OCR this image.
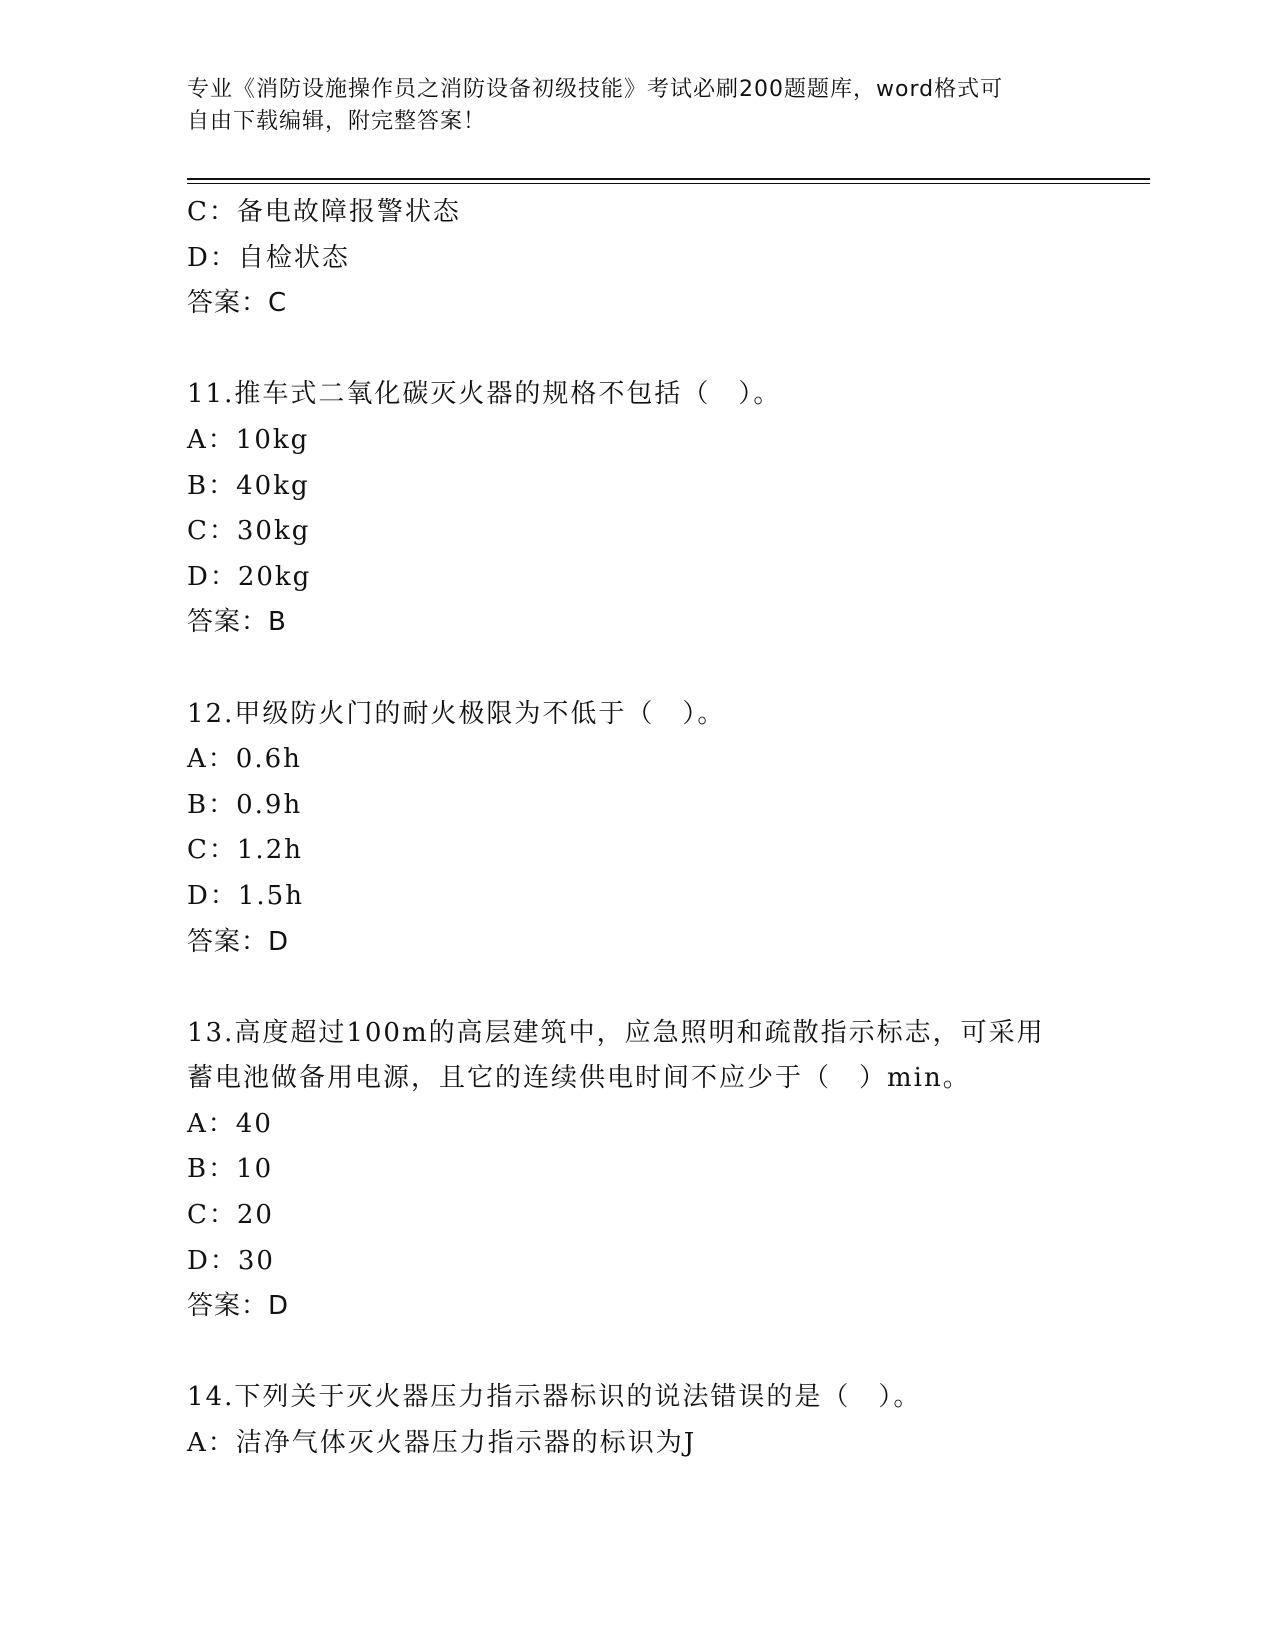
专业《消防设施操作员之消防设备初级技能》考试必刷200题题库，word格式可
自由下载编辑，附完整答案！
C：备电故障报警状态
D：自检状态
答案：C
11.推车式二氧化碳灭火器的规格不包括（　）。
A：10kg
B：40kg
C：30kg
D：20kg
答案：B
12.甲级防火门的耐火极限为不低于（　）。
A：0.6h
B：0.9h
C：1.2h
D：1.5h
答案：D
13.高度超过100m的高层建筑中，应急照明和疏散指示标志，可采用
蓄电池做备用电源，且它的连续供电时间不应少于（　）min。
A：40
B：10
C：20
D：30
答案：D
14.下列关于灭火器压力指示器标识的说法错误的是（　）。
A：洁净气体灭火器压力指示器的标识为J
